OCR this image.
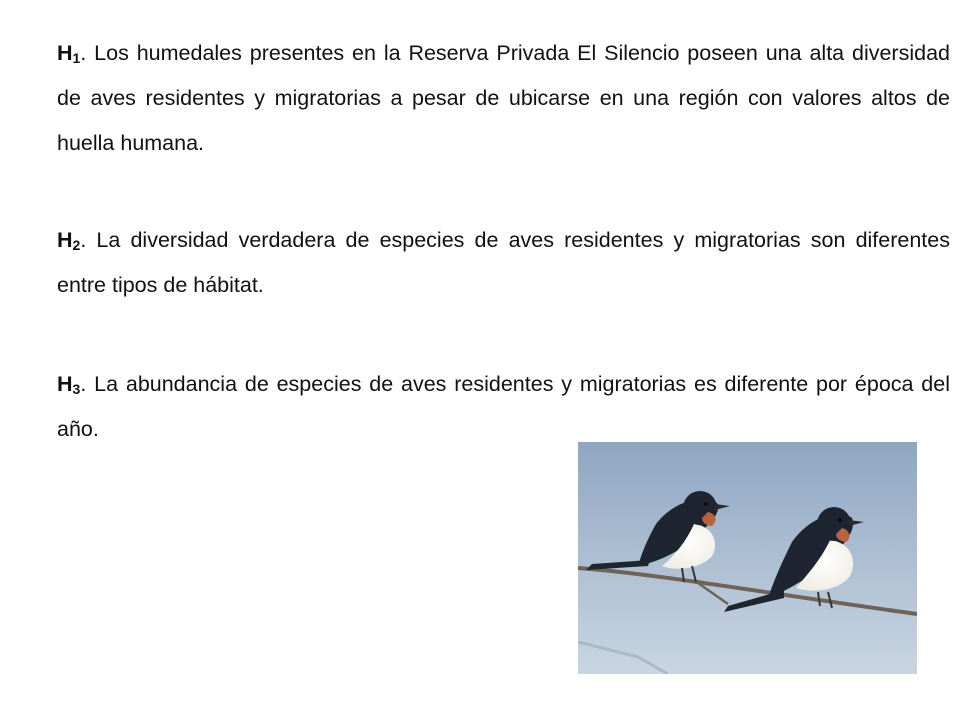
$H_1$. Los humedales presentes en la Reserva Privada El Silencio poseen una alta diversidad de aves residentes y migratorias a pesar de ubicarse en una región con valores altos de huella humana.

$H_2$. La diversidad verdadera de especies de aves residentes y migratorias son diferentes entre tipos de hábitat.

$H_3$. La abundancia de especies de aves residentes y migratorias es diferente por época del año.
